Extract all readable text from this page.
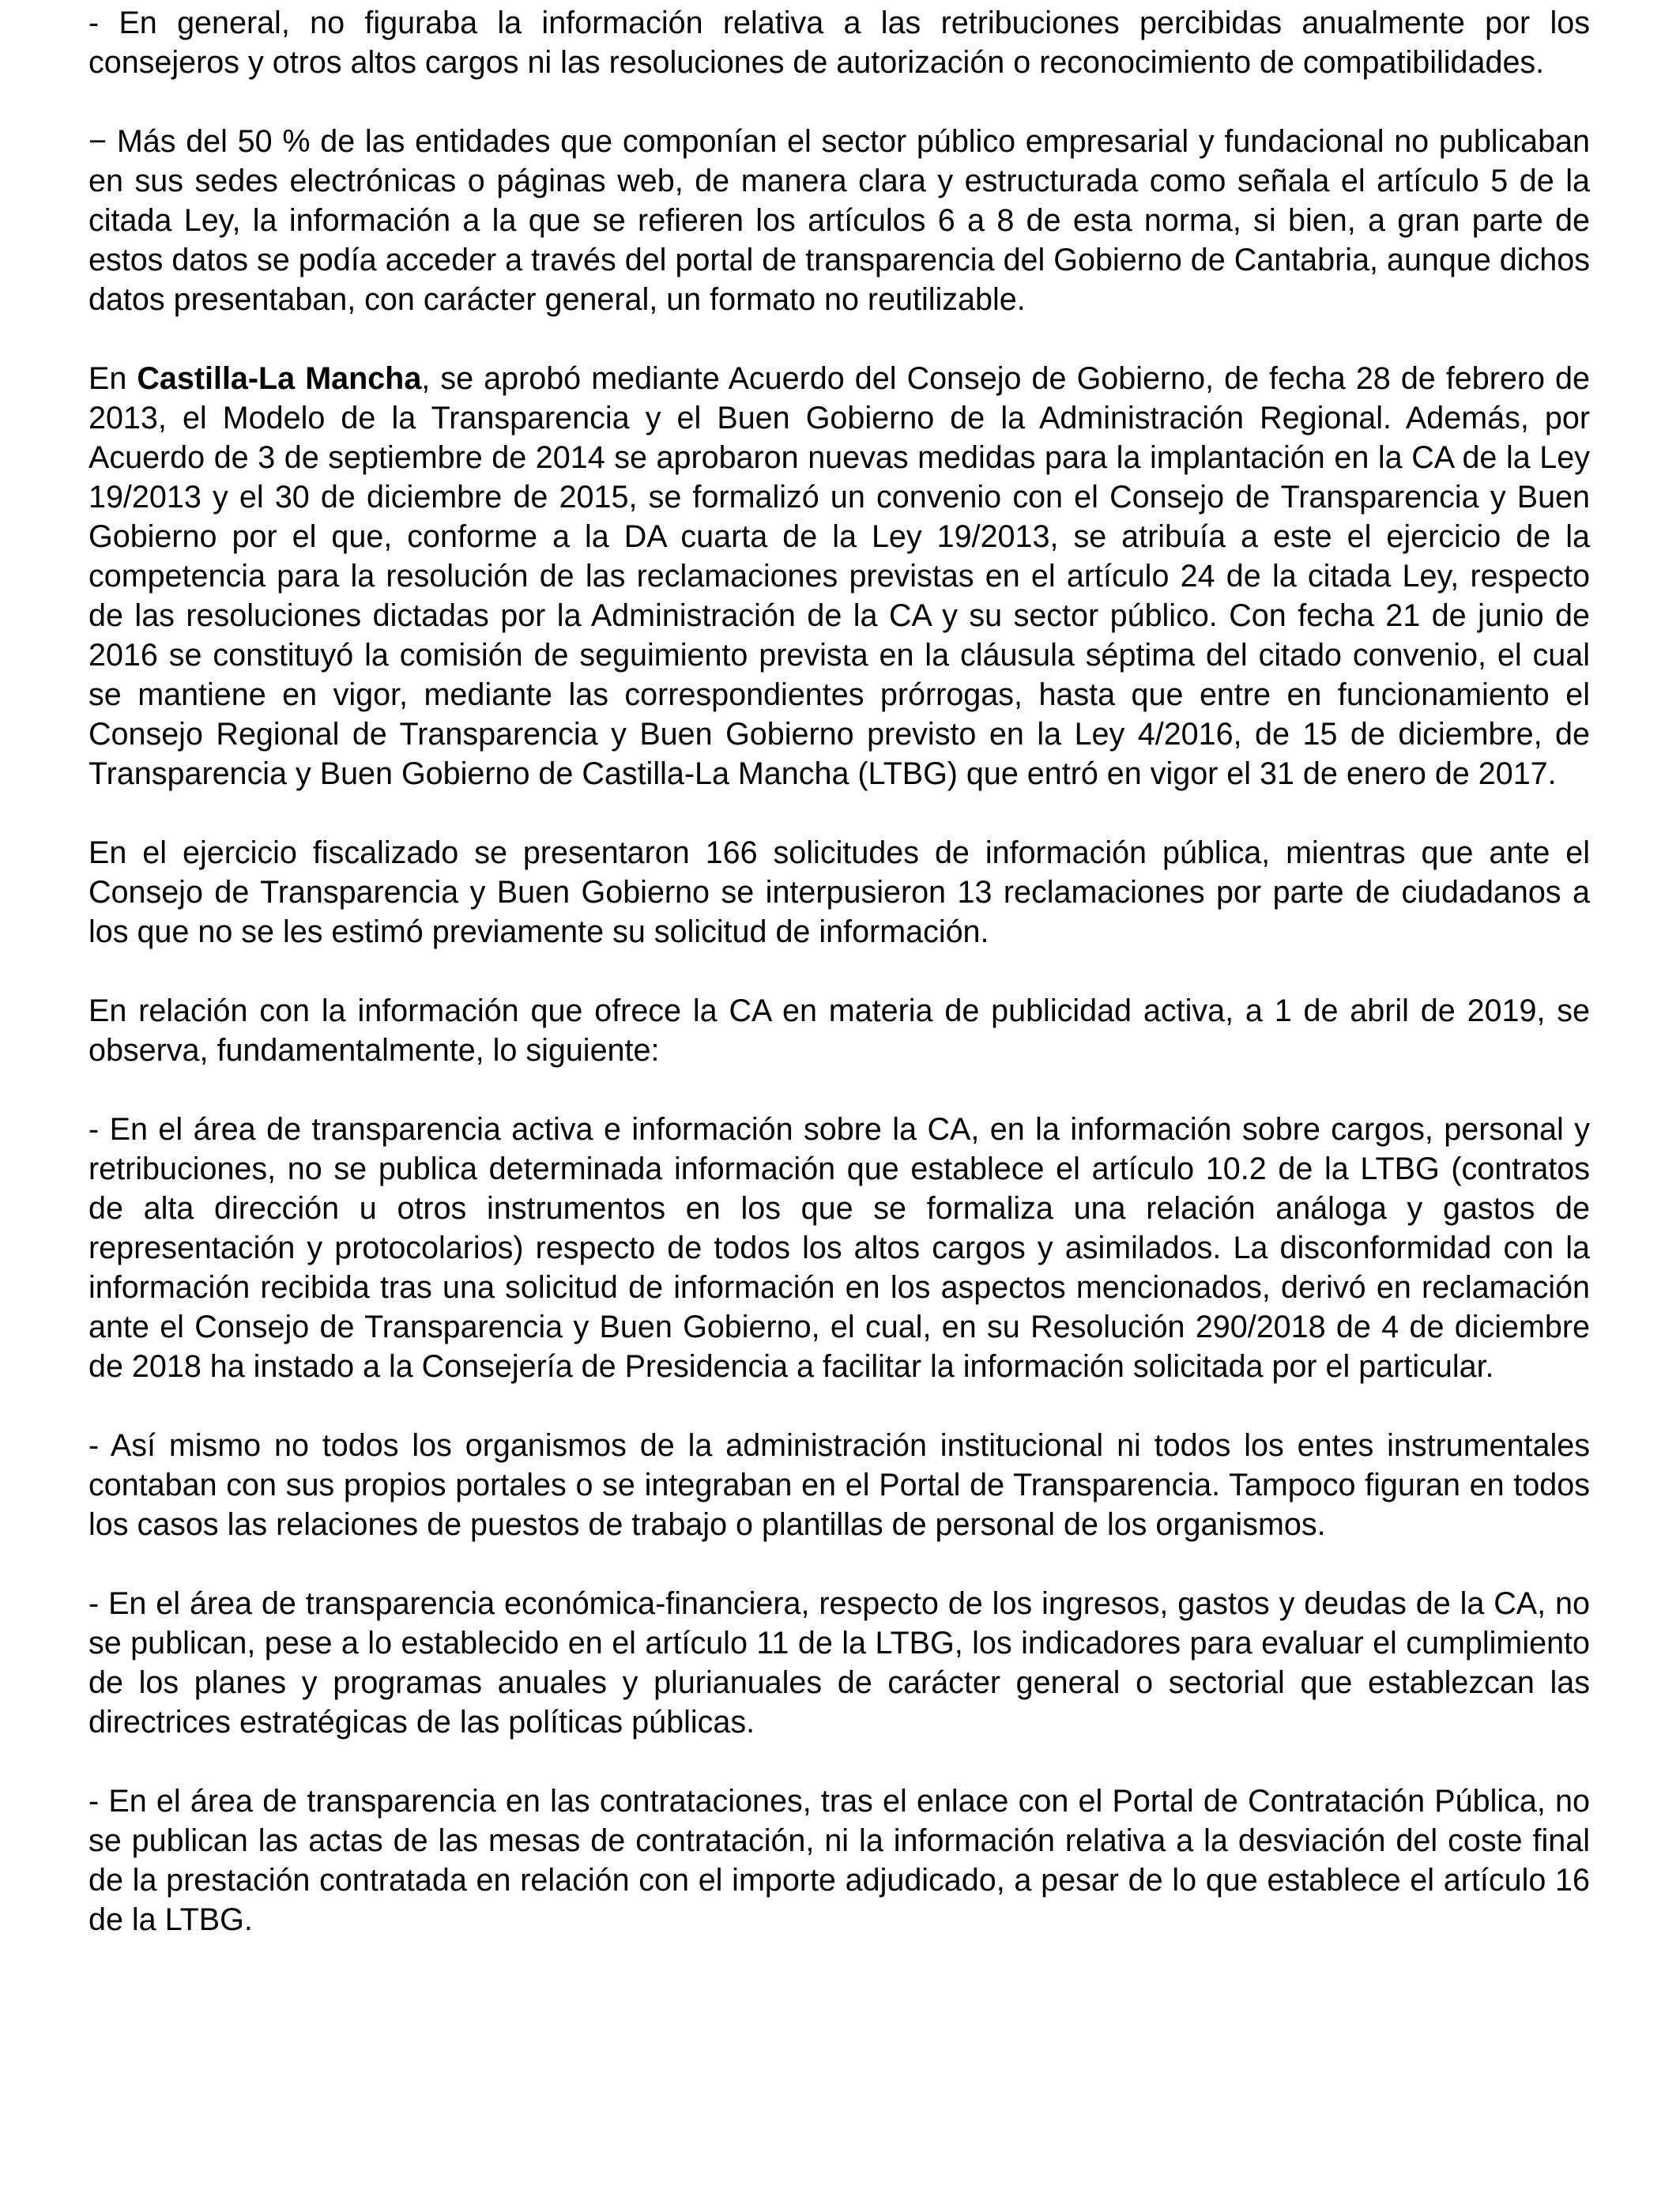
- En general, no figuraba la información relativa a las retribuciones percibidas anualmente por los consejeros y otros altos cargos ni las resoluciones de autorización o reconocimiento de compatibilidades.

− Más del 50 % de las entidades que componían el sector público empresarial y fundacional no publicaban en sus sedes electrónicas o páginas web, de manera clara y estructurada como señala el artículo 5 de la citada Ley, la información a la que se refieren los artículos 6 a 8 de esta norma, si bien, a gran parte de estos datos se podía acceder a través del portal de transparencia del Gobierno de Cantabria, aunque dichos datos presentaban, con carácter general, un formato no reutilizable.

En Castilla-La Mancha, se aprobó mediante Acuerdo del Consejo de Gobierno, de fecha 28 de febrero de 2013, el Modelo de la Transparencia y el Buen Gobierno de la Administración Regional. Además, por Acuerdo de 3 de septiembre de 2014 se aprobaron nuevas medidas para la implantación en la CA de la Ley 19/2013 y el 30 de diciembre de 2015, se formalizó un convenio con el Consejo de Transparencia y Buen Gobierno por el que, conforme a la DA cuarta de la Ley 19/2013, se atribuía a este el ejercicio de la competencia para la resolución de las reclamaciones previstas en el artículo 24 de la citada Ley, respecto de las resoluciones dictadas por la Administración de la CA y su sector público. Con fecha 21 de junio de 2016 se constituyó la comisión de seguimiento prevista en la cláusula séptima del citado convenio, el cual se mantiene en vigor, mediante las correspondientes prórrogas, hasta que entre en funcionamiento el Consejo Regional de Transparencia y Buen Gobierno previsto en la Ley 4/2016, de 15 de diciembre, de Transparencia y Buen Gobierno de Castilla-La Mancha (LTBG) que entró en vigor el 31 de enero de 2017.

En el ejercicio fiscalizado se presentaron 166 solicitudes de información pública, mientras que ante el Consejo de Transparencia y Buen Gobierno se interpusieron 13 reclamaciones por parte de ciudadanos a los que no se les estimó previamente su solicitud de información.

En relación con la información que ofrece la CA en materia de publicidad activa, a 1 de abril de 2019, se observa, fundamentalmente, lo siguiente:

- En el área de transparencia activa e información sobre la CA, en la información sobre cargos, personal y retribuciones, no se publica determinada información que establece el artículo 10.2 de la LTBG (contratos de alta dirección u otros instrumentos en los que se formaliza una relación análoga y gastos de representación y protocolarios) respecto de todos los altos cargos y asimilados. La disconformidad con la información recibida tras una solicitud de información en los aspectos mencionados, derivó en reclamación ante el Consejo de Transparencia y Buen Gobierno, el cual, en su Resolución 290/2018 de 4 de diciembre de 2018 ha instado a la Consejería de Presidencia a facilitar la información solicitada por el particular.

- Así mismo no todos los organismos de la administración institucional ni todos los entes instrumentales contaban con sus propios portales o se integraban en el Portal de Transparencia. Tampoco figuran en todos los casos las relaciones de puestos de trabajo o plantillas de personal de los organismos.

- En el área de transparencia económica-financiera, respecto de los ingresos, gastos y deudas de la CA, no se publican, pese a lo establecido en el artículo 11 de la LTBG, los indicadores para evaluar el cumplimiento de los planes y programas anuales y plurianuales de carácter general o sectorial que establezcan las directrices estratégicas de las políticas públicas.

- En el área de transparencia en las contrataciones, tras el enlace con el Portal de Contratación Pública, no se publican las actas de las mesas de contratación, ni la información relativa a la desviación del coste final de la prestación contratada en relación con el importe adjudicado, a pesar de lo que establece el artículo 16 de la LTBG.
